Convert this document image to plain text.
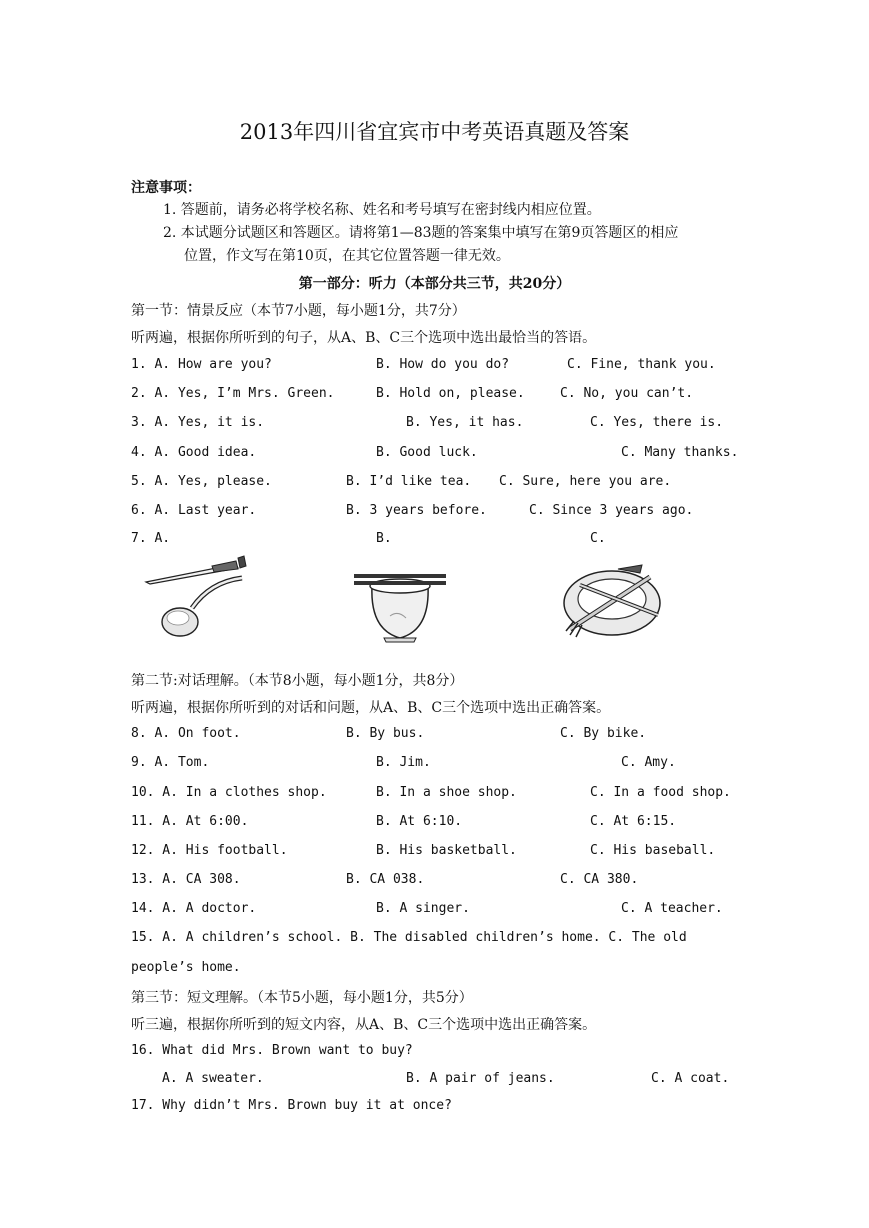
2013年四川省宜宾市中考英语真题及答案
注意事项：
1. 答题前，请务必将学校名称、姓名和考号填写在密封线内相应位置。
2. 本试题分试题区和答题区。请将第1—83题的答案集中填写在第9页答题区的相应
位置，作文写在第10页，在其它位置答题一律无效。
第一部分：听力（本部分共三节，共20分）
第一节：情景反应（本节7小题，每小题1分，共7分）
听两遍，根据你所听到的句子，从A、B、C三个选项中选出最恰当的答语。
1. A. How are you?	B. How do you do?	C. Fine, thank you.
2. A. Yes, I’m Mrs. Green.	B. Hold on, please.	C. No, you can’t.
3. A. Yes, it is.	B. Yes, it has.	C. Yes, there is.
4. A. Good idea.	B. Good luck.	C. Many thanks.
5. A. Yes, please.	B. I’d like tea. C. Sure, here you are.
6. A. Last year.	B. 3 years before.	C. Since 3 years ago.
7. A.	B.	C.
第二节:对话理解。（本节8小题，每小题1分，共8分）
听两遍，根据你所听到的对话和问题，从A、B、C三个选项中选出正确答案。
8. A. On foot.	B. By bus.	C. By bike.
9. A. Tom.	B. Jim.	C. Amy.
10. A. In a clothes shop.	B. In a shoe shop.	C. In a food shop.
11. A. At 6:00.	B. At 6:10.	C. At 6:15.
12. A. His football.	B. His basketball.	C. His baseball.
13. A. CA 308.	B. CA 038.	C. CA 380.
14. A. A doctor.	B. A singer.	C. A teacher.
15. A. A children’s school. B. The disabled children’s home. C. The old
people’s home.
第三节：短文理解。（本节5小题，每小题1分，共5分）
听三遍，根据你所听到的短文内容，从A、B、C三个选项中选出正确答案。
16. What did Mrs. Brown want to buy?
A. A sweater.	B. A pair of jeans.	C. A coat.
17. Why didn’t Mrs. Brown buy it at once?
